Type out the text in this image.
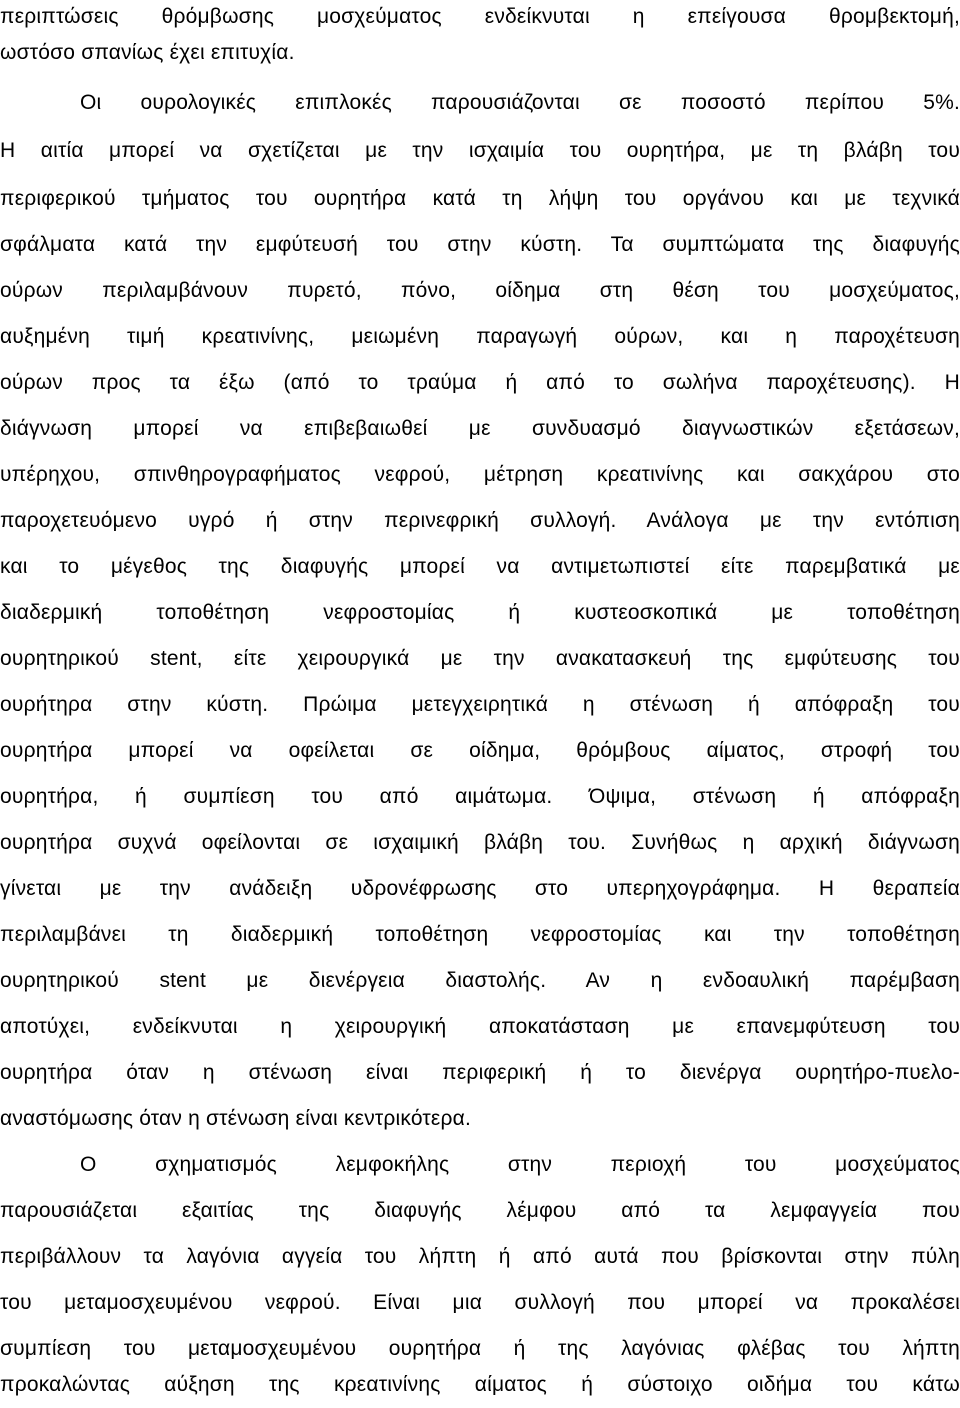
περιπτώσεις θρόμβωσης μοσχεύματος ενδείκνυται η επείγουσα θρομβεκτομή,
ωστόσο σπανίως έχει επιτυχία.
Οι ουρολογικές επιπλοκές παρουσιάζονται σε ποσοστό περίπου 5%.
Η αιτία μπορεί να σχετίζεται με την ισχαιμία του ουρητήρα, με τη βλάβη του
περιφερικού τμήματος του ουρητήρα κατά τη λήψη του οργάνου και με τεχνικά
σφάλματα κατά την εμφύτευσή του στην κύστη. Τα συμπτώματα της διαφυγής
ούρων περιλαμβάνουν πυρετό, πόνο, οίδημα στη θέση του μοσχεύματος,
αυξημένη τιμή κρεατινίνης, μειωμένη παραγωγή ούρων, και η παροχέτευση
ούρων προς τα έξω (από το τραύμα ή από το σωλήνα παροχέτευσης). Η
διάγνωση μπορεί να επιβεβαιωθεί με συνδυασμό διαγνωστικών εξετάσεων,
υπέρηχου, σπινθηρογραφήματος νεφρού, μέτρηση κρεατινίνης και σακχάρου στο
παροχετευόμενο υγρό ή στην περινεφρική συλλογή. Ανάλογα με την εντόπιση
και το μέγεθος της διαφυγής μπορεί να αντιμετωπιστεί είτε παρεμβατικά με
διαδερμική τοποθέτηση νεφροστομίας ή κυστεοσκοπικά με τοποθέτηση
ουρητηρικού stent, είτε χειρουργικά με την ανακατασκευή της εμφύτευσης του
ουρήτηρα στην κύστη. Πρώιμα μετεγχειρητικά η στένωση ή απόφραξη του
ουρητήρα μπορεί να οφείλεται σε οίδημα, θρόμβους αίματος, στροφή του
ουρητήρα, ή συμπίεση του από αιμάτωμα. Όψιμα, στένωση ή απόφραξη
ουρητήρα συχνά οφείλονται σε ισχαιμική βλάβη του. Συνήθως η αρχική διάγνωση
γίνεται με την ανάδειξη υδρονέφρωσης στο υπερηχογράφημα. Η θεραπεία
περιλαμβάνει τη διαδερμική τοποθέτηση νεφροστομίας και την τοποθέτηση
ουρητηρικού stent με διενέργεια διαστολής. Αν η ενδοαυλική παρέμβαση
αποτύχει, ενδείκνυται η χειρουργική αποκατάσταση με επανεμφύτευση του
ουρητήρα όταν η στένωση είναι περιφερική ή το διενέργα ουρητήρο-πυελο-
αναστόμωσης όταν η στένωση είναι κεντρικότερα.
Ο σχηματισμός λεμφοκήλης στην περιοχή του μοσχεύματος
παρουσιάζεται εξαιτίας της διαφυγής λέμφου από τα λεμφαγγεία που
περιβάλλουν τα λαγόνια αγγεία του λήπτη ή από αυτά που βρίσκονται στην πύλη
του μεταμοσχευμένου νεφρού. Είναι μια συλλογή που μπορεί να προκαλέσει
συμπίεση του μεταμοσχευμένου ουρητήρα ή της λαγόνιας φλέβας του λήπτη
προκαλώντας αύξηση της κρεατινίνης αίματος ή σύστοιχο οιδήμα του κάτω
